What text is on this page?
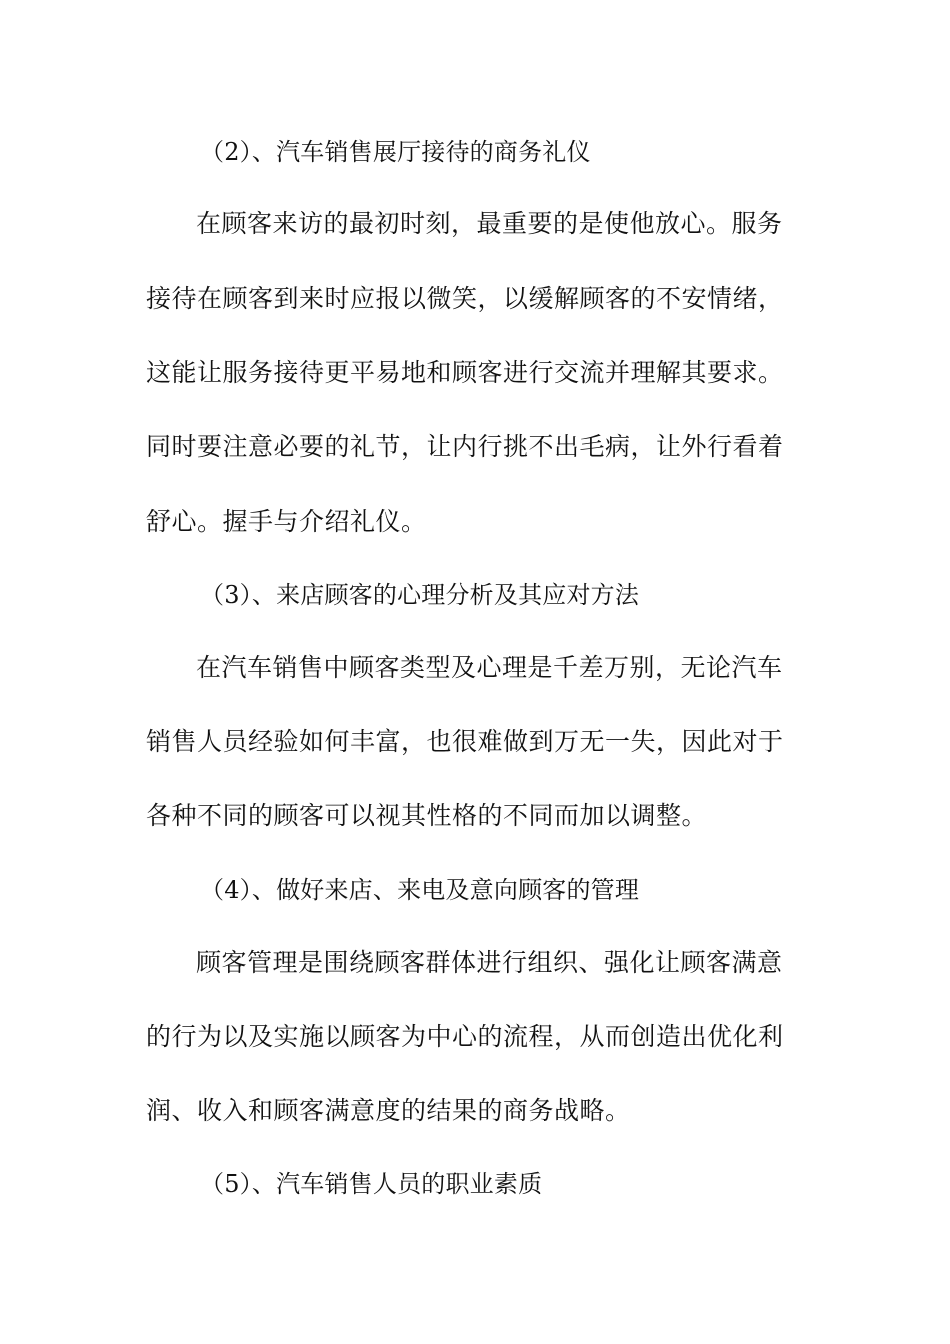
（2）、汽车销售展厅接待的商务礼仪
在顾客来访的最初时刻，最重要的是使他放心。服务
接待在顾客到来时应报以微笑，以缓解顾客的不安情绪，
这能让服务接待更平易地和顾客进行交流并理解其要求。
同时要注意必要的礼节，让内行挑不出毛病，让外行看着
舒心。握手与介绍礼仪。
（3）、来店顾客的心理分析及其应对方法
在汽车销售中顾客类型及心理是千差万别，无论汽车
销售人员经验如何丰富，也很难做到万无一失，因此对于
各种不同的顾客可以视其性格的不同而加以调整。
（4）、做好来店、来电及意向顾客的管理
顾客管理是围绕顾客群体进行组织、强化让顾客满意
的行为以及实施以顾客为中心的流程，从而创造出优化利
润、收入和顾客满意度的结果的商务战略。
（5）、汽车销售人员的职业素质
